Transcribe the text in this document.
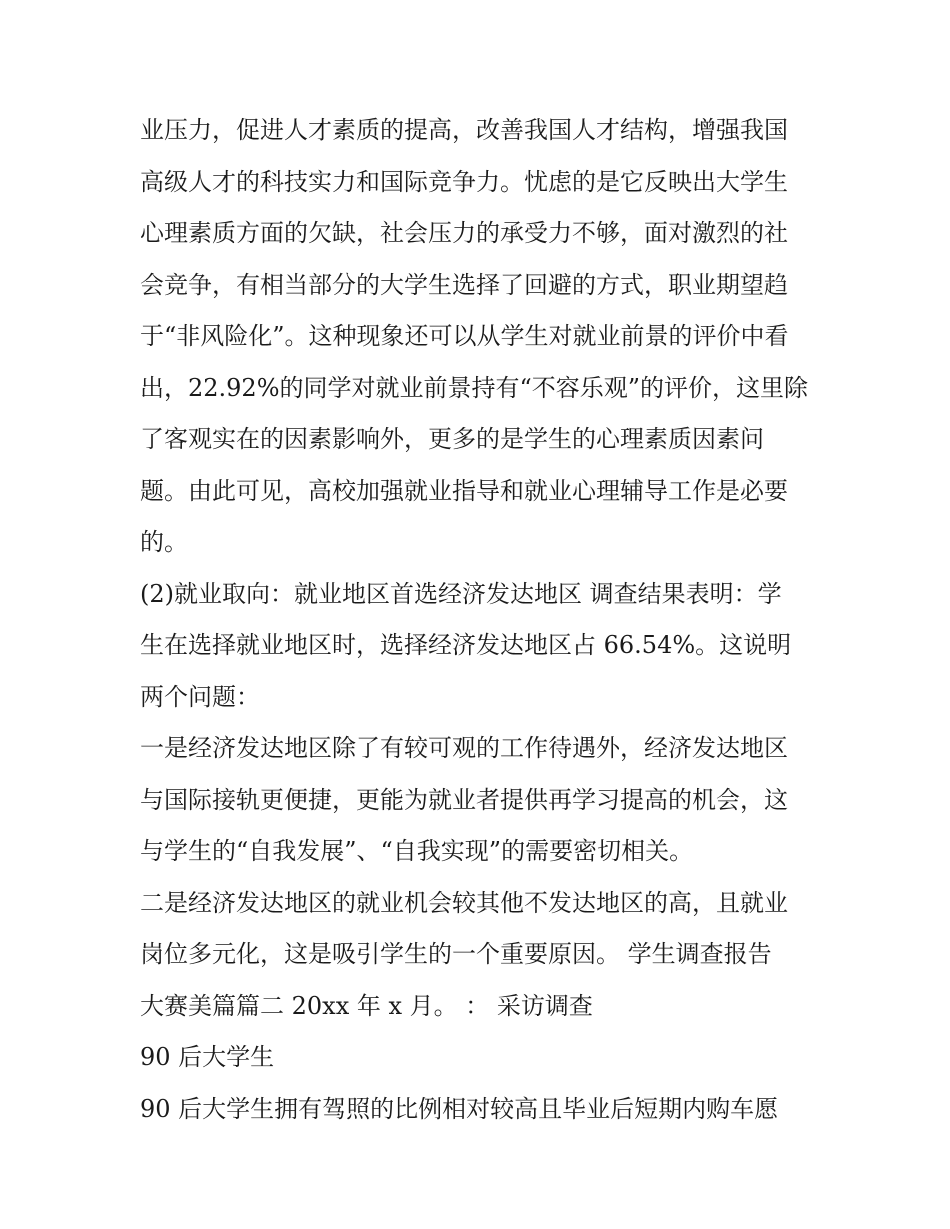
业压力，促进人才素质的提高，改善我国人才结构，增强我国
高级人才的科技实力和国际竞争力。忧虑的是它反映出大学生
心理素质方面的欠缺，社会压力的承受力不够，面对激烈的社
会竞争，有相当部分的大学生选择了回避的方式，职业期望趋
于“非风险化”。这种现象还可以从学生对就业前景的评价中看
出，22.92%的同学对就业前景持有“不容乐观”的评价，这里除
了客观实在的因素影响外，更多的是学生的心理素质因素问
题。由此可见，高校加强就业指导和就业心理辅导工作是必要
的。
(2)就业取向：就业地区首选经济发达地区 调查结果表明：学
生在选择就业地区时，选择经济发达地区占 66.54%。这说明
两个问题：
一是经济发达地区除了有较可观的工作待遇外，经济发达地区
与国际接轨更便捷，更能为就业者提供再学习提高的机会，这
与学生的“自我发展”、“自我实现”的需要密切相关。
二是经济发达地区的就业机会较其他不发达地区的高，且就业
岗位多元化，这是吸引学生的一个重要原因。 学生调查报告
大赛美篇篇二 20xx 年 x 月。 ： 采访调查
90 后大学生
90 后大学生拥有驾照的比例相对较高且毕业后短期内购车愿
